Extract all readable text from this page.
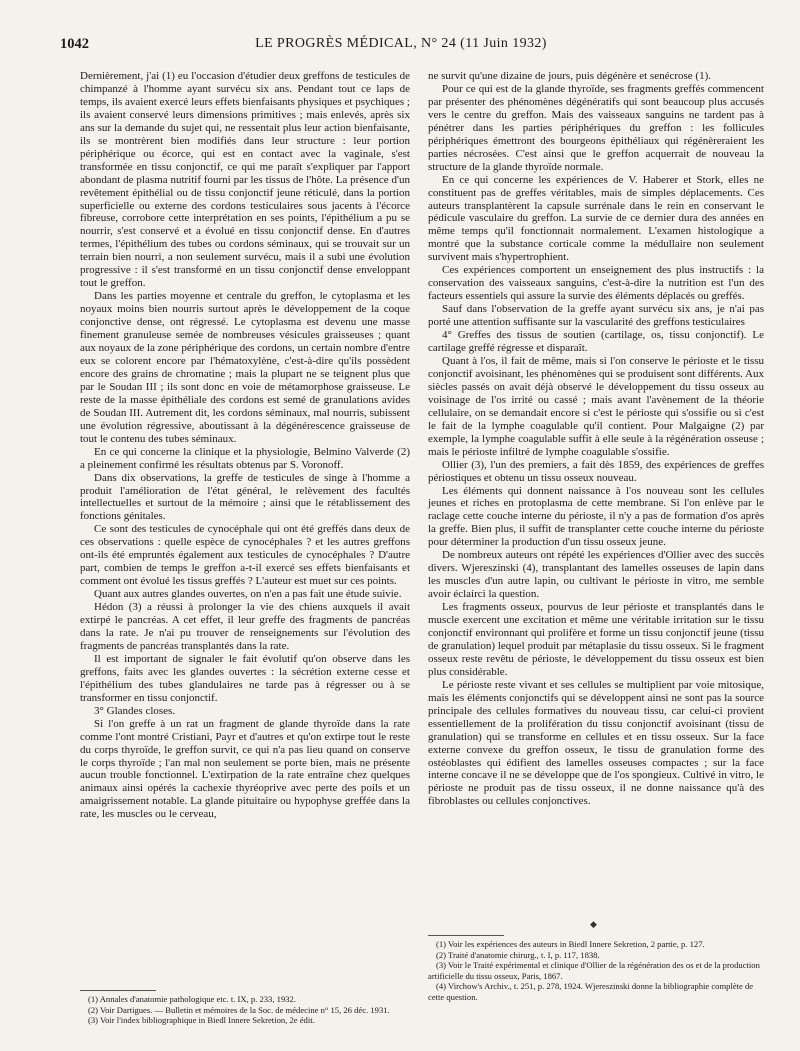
1042	LE PROGRÈS MÉDICAL, N° 24 (11 Juin 1932)

Dernièrement, j'ai (1) eu l'occasion d'étudier deux greffons de testicules de chimpanzé à l'homme ayant survécu six ans. Pendant tout ce laps de temps, ils avaient exercé leurs effets bienfaisants physiques et psychiques ; ils avaient conservé leurs dimensions primitives ; mais enlevés, après six ans sur la demande du sujet qui, ne ressentait plus leur action bienfaisante, ils se montrèrent bien modifiés dans leur structure : leur portion périphérique ou écorce, qui est en contact avec la vaginale, s'est transformée en tissu conjonctif, ce qui me paraît s'expliquer par l'apport abondant de plasma nutritif fourni par les tissus de l'hôte. La présence d'un revêtement épithélial ou de tissu conjonctif jeune réticulé, dans la portion superficielle ou externe des cordons testiculaires sous jacents à l'écorce fibreuse, corrobore cette interprétation en ses points, l'épithélium a pu se nourrir, s'est conservé et a évolué en tissu conjonctif dense. En d'autres termes, l'épithélium des tubes ou cordons séminaux, qui se trouvait sur un terrain bien nourri, a non seulement survécu, mais il a subi une évolution progressive : il s'est transformé en un tissu conjonctif dense enveloppant tout le greffon.

Dans les parties moyenne et centrale du greffon, le cytoplasma et les noyaux moins bien nourris surtout après le développement de la coque conjonctive dense, ont régressé. Le cytoplasma est devenu une masse finement granuleuse semée de nombreuses vésicules graisseuses ; quant aux noyaux de la zone périphérique des cordons, un certain nombre d'entre eux se colorent encore par l'hématoxylène, c'est-à-dire qu'ils possèdent encore des grains de chromatine ; mais la plupart ne se teignent plus que par le Soudan III ; ils sont donc en voie de métamorphose graisseuse. Le reste de la masse épithéliale des cordons est semé de granulations avides de Soudan III. Autrement dit, les cordons séminaux, mal nourris, subissent une évolution régressive, aboutissant à la dégénérescence graisseuse de tout le contenu des tubes séminaux.

En ce qui concerne la clinique et la physiologie, Belmino Valverde (2) a pleinement confirmé les résultats obtenus par S. Voronoff.

Dans dix observations, la greffe de testicules de singe à l'homme a produit l'amélioration de l'état général, le relèvement des facultés intellectuelles et surtout de la mémoire ; ainsi que le rétablissement des fonctions génitales.

Ce sont des testicules de cynocéphale qui ont été greffés dans deux de ces observations : quelle espèce de cynocéphales ? et les autres greffons ont-ils été empruntés également aux testicules de cynocéphales ? D'autre part, combien de temps le greffon a-t-il exercé ses effets bienfaisants et comment ont évolué les tissus greffés ? L'auteur est muet sur ces points.

Quant aux autres glandes ouvertes, on n'en a pas fait une étude suivie.

Hédon (3) a réussi à prolonger la vie des chiens auxquels il avait extirpé le pancréas. A cet effet, il leur greffe des fragments de pancréas dans la rate. Je n'ai pu trouver de renseignements sur l'évolution des fragments de pancréas transplantés dans la rate.

Il est important de signaler le fait évolutif qu'on observe dans les greffons, faits avec les glandes ouvertes : la sécrétion externe cesse et l'épithélium des tubes glandulaires ne tarde pas à régresser ou à se transformer en tissu conjonctif.

3° Glandes closes.

Si l'on greffe à un rat un fragment de glande thyroïde dans la rate comme l'ont montré Cristiani, Payr et d'autres et qu'on extirpe tout le reste du corps thyroïde, le greffon survit, ce qui n'a pas lieu quand on conserve le corps thyroïde ; l'an mal non seulement se porte bien, mais ne présente aucun trouble fonctionnel. L'extirpation de la rate entraîne chez quelques animaux ainsi opérés la cachexie thyréoprive avec perte des poils et un amaigrissement notable. La glande pituitaire ou hypophyse greffée dans la rate, les muscles ou le cerveau,

ne survit qu'une dizaine de jours, puis dégénère et senécrose (1).

Pour ce qui est de la glande thyroïde, ses fragments greffés commencent par présenter des phénomènes dégénératifs qui sont beaucoup plus accusés vers le centre du greffon. Mais des vaisseaux sanguins ne tardent pas à pénétrer dans les parties périphériques du greffon : les follicules périphériques émettront des bourgeons épithéliaux qui régénèreraient les parties nécrosées. C'est ainsi que le greffon acquerrait de nouveau la structure de la glande thyroïde normale.

En ce qui concerne les expériences de V. Haberer et Stork, elles ne constituent pas de greffes véritables, mais de simples déplacements. Ces auteurs transplantèrent la capsule surrénale dans le rein en conservant le pédicule vasculaire du greffon. La survie de ce dernier dura des années en même temps qu'il fonctionnait normalement. L'examen histologique a montré que la substance corticale comme la médullaire non seulement survivent mais s'hypertrophient.

Ces expériences comportent un enseignement des plus instructifs : la conservation des vaisseaux sanguins, c'est-à-dire la nutrition est l'un des facteurs essentiels qui assure la survie des éléments déplacés ou greffés.

Sauf dans l'observation de la greffe ayant survécu six ans, je n'ai pas porté une attention suffisante sur la vascularité des greffons testiculaires

4° Greffes des tissus de soutien (cartilage, os, tissu conjonctif). Le cartilage greffé régresse et disparaît.

Quant à l'os, il fait de même, mais si l'on conserve le périoste et le tissu conjonctif avoisinant, les phénomènes qui se produisent sont différents. Aux siècles passés on avait déjà observé le développement du tissu osseux au voisinage de l'os irrité ou cassé ; mais avant l'avènement de la théorie cellulaire, on se demandait encore si c'est le périoste qui s'ossifie ou si c'est le fait de la lymphe coagulable qu'il contient. Pour Malgaigne (2) par exemple, la lymphe coagulable suffit à elle seule à la régénération osseuse ; mais le périoste infiltré de lymphe coagulable s'ossifie.

Ollier (3), l'un des premiers, a fait dès 1859, des expériences de greffes périostiques et obtenu un tissu osseux nouveau.

Les éléments qui donnent naissance à l'os nouveau sont les cellules jeunes et riches en protoplasma de cette membrane. Si l'on enlève par le raclage cette couche interne du périoste, il n'y a pas de formation d'os après la greffe. Bien plus, il suffit de transplanter cette couche interne du périoste pour déterminer la production d'un tissu osseux jeune.

De nombreux auteurs ont répété les expériences d'Ollier avec des succès divers. Wjereszinski (4), transplantant des lamelles osseuses de lapin dans les muscles d'un autre lapin, ou cultivant le périoste in vitro, me semble avoir éclairci la question.

Les fragments osseux, pourvus de leur périoste et transplantés dans le muscle exercent une excitation et même une véritable irritation sur le tissu conjonctif environnant qui prolifère et forme un tissu conjonctif jeune (tissu de granulation) lequel produit par métaplasie du tissu osseux. Si le fragment osseux reste revêtu de périoste, le développement du tissu osseux est bien plus considérable.

Le périoste reste vivant et ses cellules se multiplient par voie mitosique, mais les éléments conjonctifs qui se développent ainsi ne sont pas la source principale des cellules formatives du nouveau tissu, car celui-ci provient essentiellement de la prolifération du tissu conjonctif avoisinant (tissu de granulation) qui se transforme en cellules et en tissu osseux. Sur la face externe convexe du greffon osseux, le tissu de granulation forme des ostéoblastes qui édifient des lamelles osseuses compactes ; sur la face interne concave il ne se développe que de l'os spongieux. Cultivé in vitro, le périoste ne produit pas de tissu osseux, il ne donne naissance qu'à des fibroblastes ou cellules conjonctives.

◆
(1) Annales d'anatomie pathologique etc. t. IX, p. 233, 1932.
(2) Voir Dartigues. — Bulletin et mémoires de la Soc. de médecine n° 15, 26 déc. 1931.
(3) Voir l'index bibliographique in Biedl Innere Sekretion, 2e édit.
(1) Voir les expériences des auteurs in Biedl Innere Sekretion, 2 partie, p. 127.
(2) Traité d'anatomie chirurg., t. I, p. 117, 1838.
(3) Voir le Traité expérimental et clinique d'Ollier de la régénération des os et de la production artificielle du tissu osseux, Paris, 1867.
(4) Virchow's Archiv., t. 251, p. 278, 1924. Wjereszinski donne la bibliographie complète de cette question.
